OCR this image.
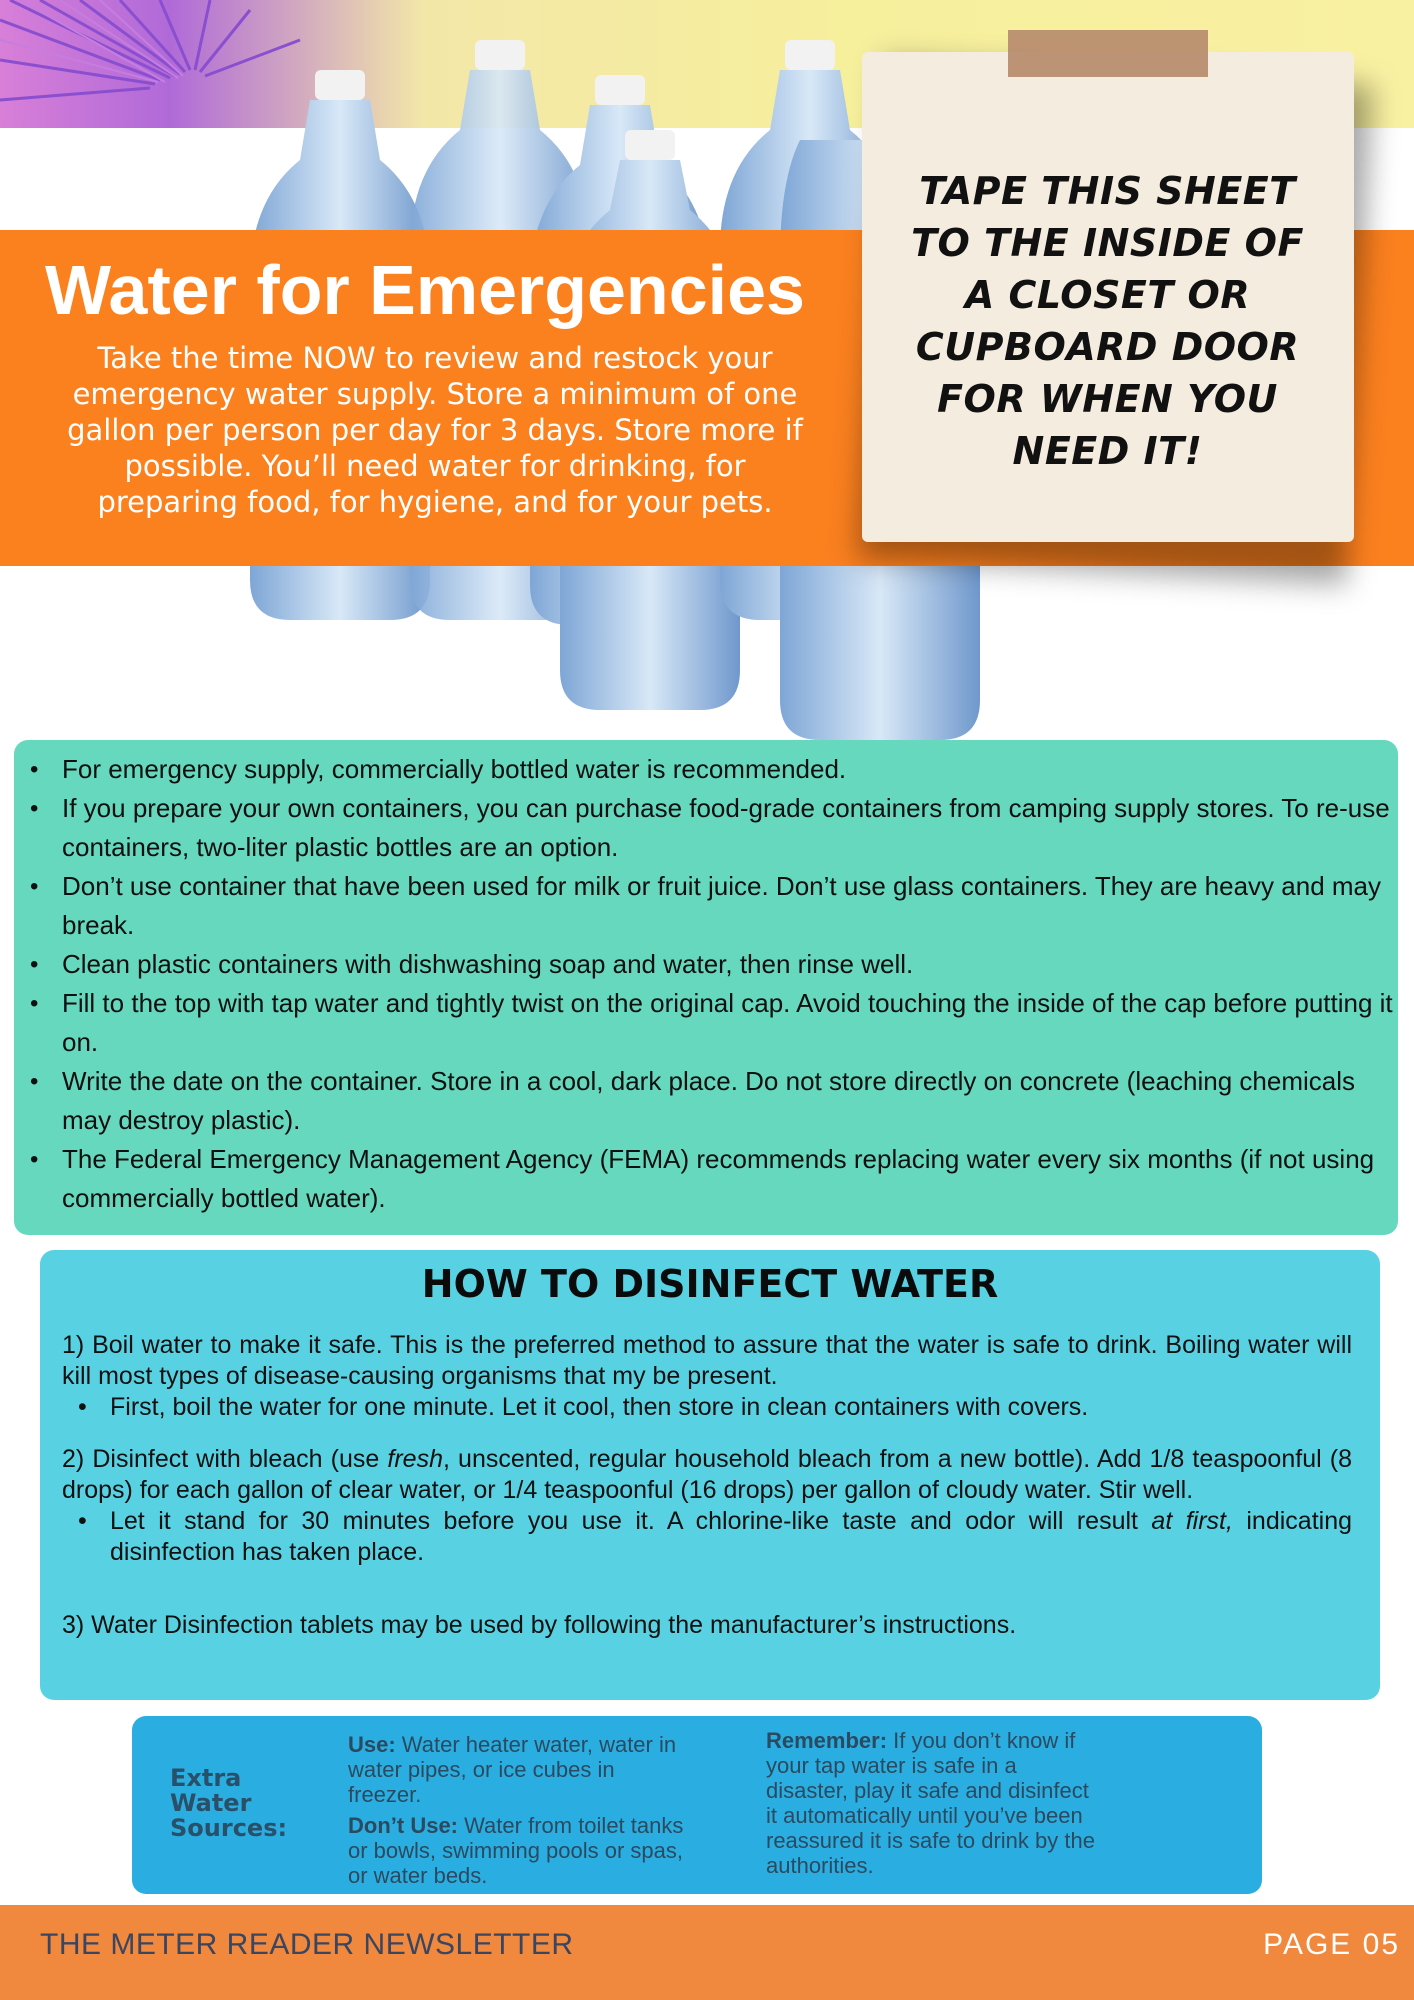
Water for Emergencies

Take the time NOW to review and restock your emergency water supply. Store a minimum of one gallon per person per day for 3 days. Store more if possible. You’ll need water for drinking, for preparing food, for hygiene, and for your pets.

TAPE THIS SHEET TO THE INSIDE OF A CLOSET OR CUPBOARD DOOR FOR WHEN YOU NEED IT!

• For emergency supply, commercially bottled water is recommended.
• If you prepare your own containers, you can purchase food-grade containers from camping supply stores. To re-use containers, two-liter plastic bottles are an option.
• Don’t use container that have been used for milk or fruit juice. Don’t use glass containers. They are heavy and may break.
• Clean plastic containers with dishwashing soap and water, then rinse well.
• Fill to the top with tap water and tightly twist on the original cap. Avoid touching the inside of the cap before putting it on.
• Write the date on the container. Store in a cool, dark place. Do not store directly on concrete (leaching chemicals may destroy plastic).
• The Federal Emergency Management Agency (FEMA) recommends replacing water every six months (if not using commercially bottled water).
HOW TO DISINFECT WATER

1) Boil water to make it safe. This is the preferred method to assure that the water is safe to drink. Boiling water will kill most types of disease-causing organisms that my be present.

• First, boil the water for one minute. Let it cool, then store in clean containers with covers.

2) Disinfect with bleach (use fresh, unscented, regular household bleach from a new bottle). Add 1/8 teaspoonful (8 drops) for each gallon of clear water, or 1/4 teaspoonful (16 drops) per gallon of cloudy water. Stir well.

• Let it stand for 30 minutes before you use it. A chlorine-like taste and odor will result at first, indicating disinfection has taken place.

3) Water Disinfection tablets may be used by following the manufacturer’s instructions.

Extra Water Sources:

Use: Water heater water, water in water pipes, or ice cubes in freezer.

Don’t Use: Water from toilet tanks or bowls, swimming pools or spas, or water beds.

Remember: If you don’t know if your tap water is safe in a disaster, play it safe and disinfect it automatically until you’ve been reassured it is safe to drink by the authorities.

THE METER READER NEWSLETTER	PAGE 05
